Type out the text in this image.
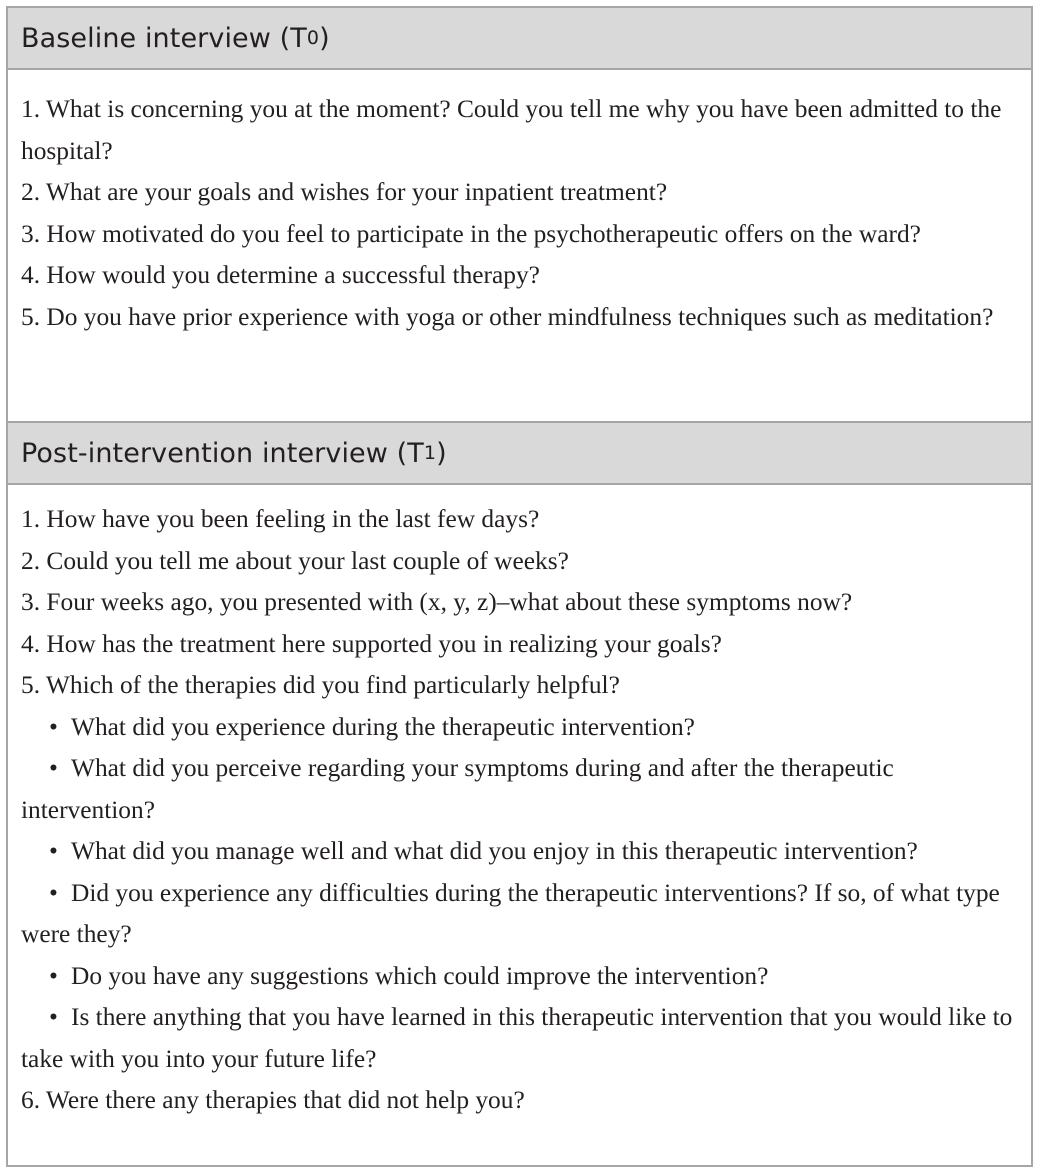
Baseline interview (T 0 )

1. What is concerning you at the moment? Could you tell me why you have been admitted to the hospital?

2. What are your goals and wishes for your inpatient treatment?

3. How motivated do you feel to participate in the psychotherapeutic offers on the ward?

4. How would you determine a successful therapy?

5. Do you have prior experience with yoga or other mindfulness techniques such as meditation?

Post-intervention interview (T 1 )

1. How have you been feeling in the last few days?

2. Could you tell me about your last couple of weeks?

3. Four weeks ago, you presented with (x, y, z)–what about these symptoms now?

4. How has the treatment here supported you in realizing your goals?

5. Which of the therapies did you find particularly helpful?

• What did you experience during the therapeutic intervention?

• What did you perceive regarding your symptoms during and after the therapeutic intervention?

• What did you manage well and what did you enjoy in this therapeutic intervention?

• Did you experience any difficulties during the therapeutic interventions? If so, of what type were they?

• Do you have any suggestions which could improve the intervention?

• Is there anything that you have learned in this therapeutic intervention that you would like to take with you into your future life?

6. Were there any therapies that did not help you?
